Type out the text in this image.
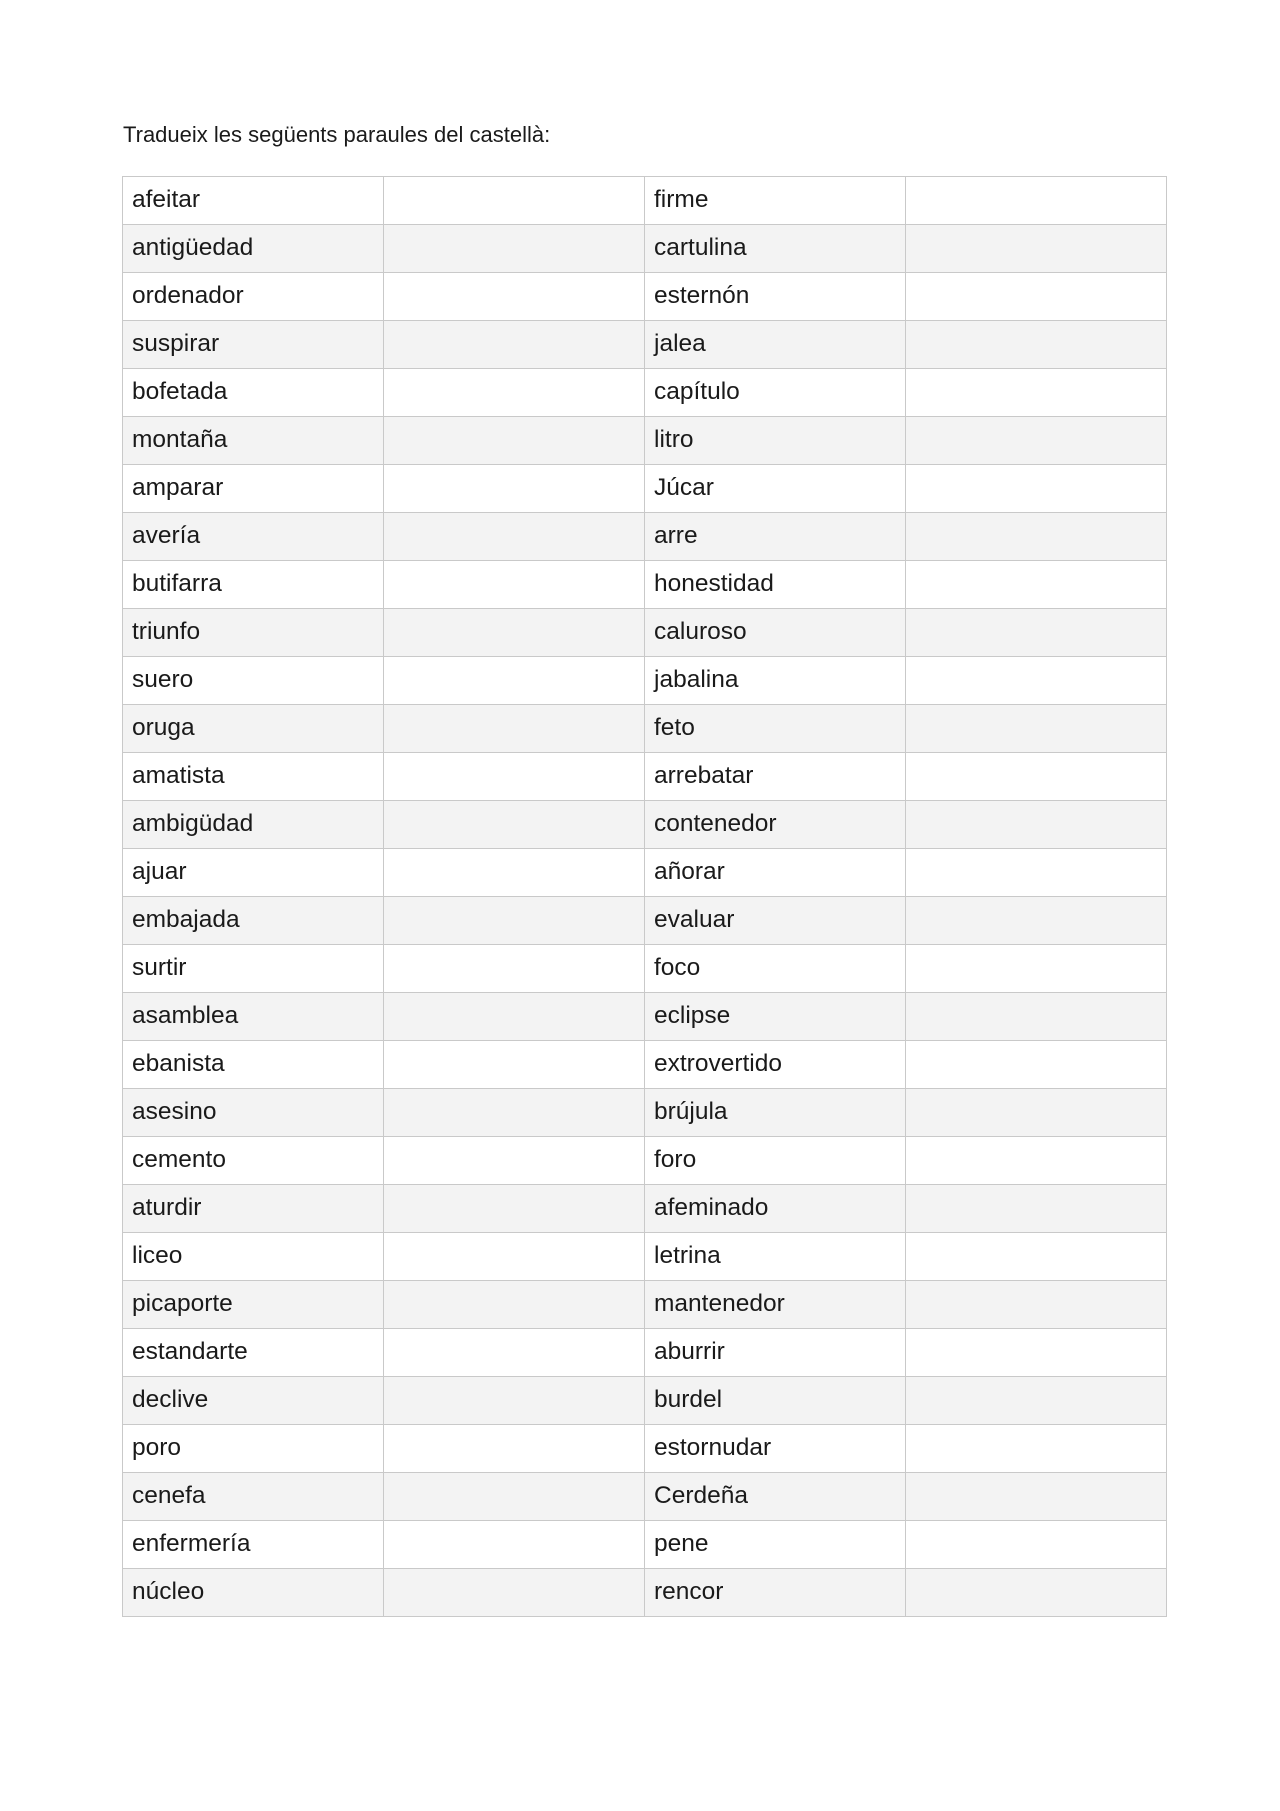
Tradueix les següents paraules del castellà:
afeitar		firme	
antigüedad		cartulina	
ordenador		esternón	
suspirar		jalea	
bofetada		capítulo	
montaña		litro	
amparar		Júcar	
avería		arre	
butifarra		honestidad	
triunfo		caluroso	
suero		jabalina	
oruga		feto	
amatista		arrebatar	
ambigüdad		contenedor	
ajuar		añorar	
embajada		evaluar	
surtir		foco	
asamblea		eclipse	
ebanista		extrovertido	
asesino		brújula	
cemento		foro	
aturdir		afeminado	
liceo		letrina	
picaporte		mantenedor	
estandarte		aburrir	
declive		burdel	
poro		estornudar	
cenefa		Cerdeña	
enfermería		pene	
núcleo		rencor	
